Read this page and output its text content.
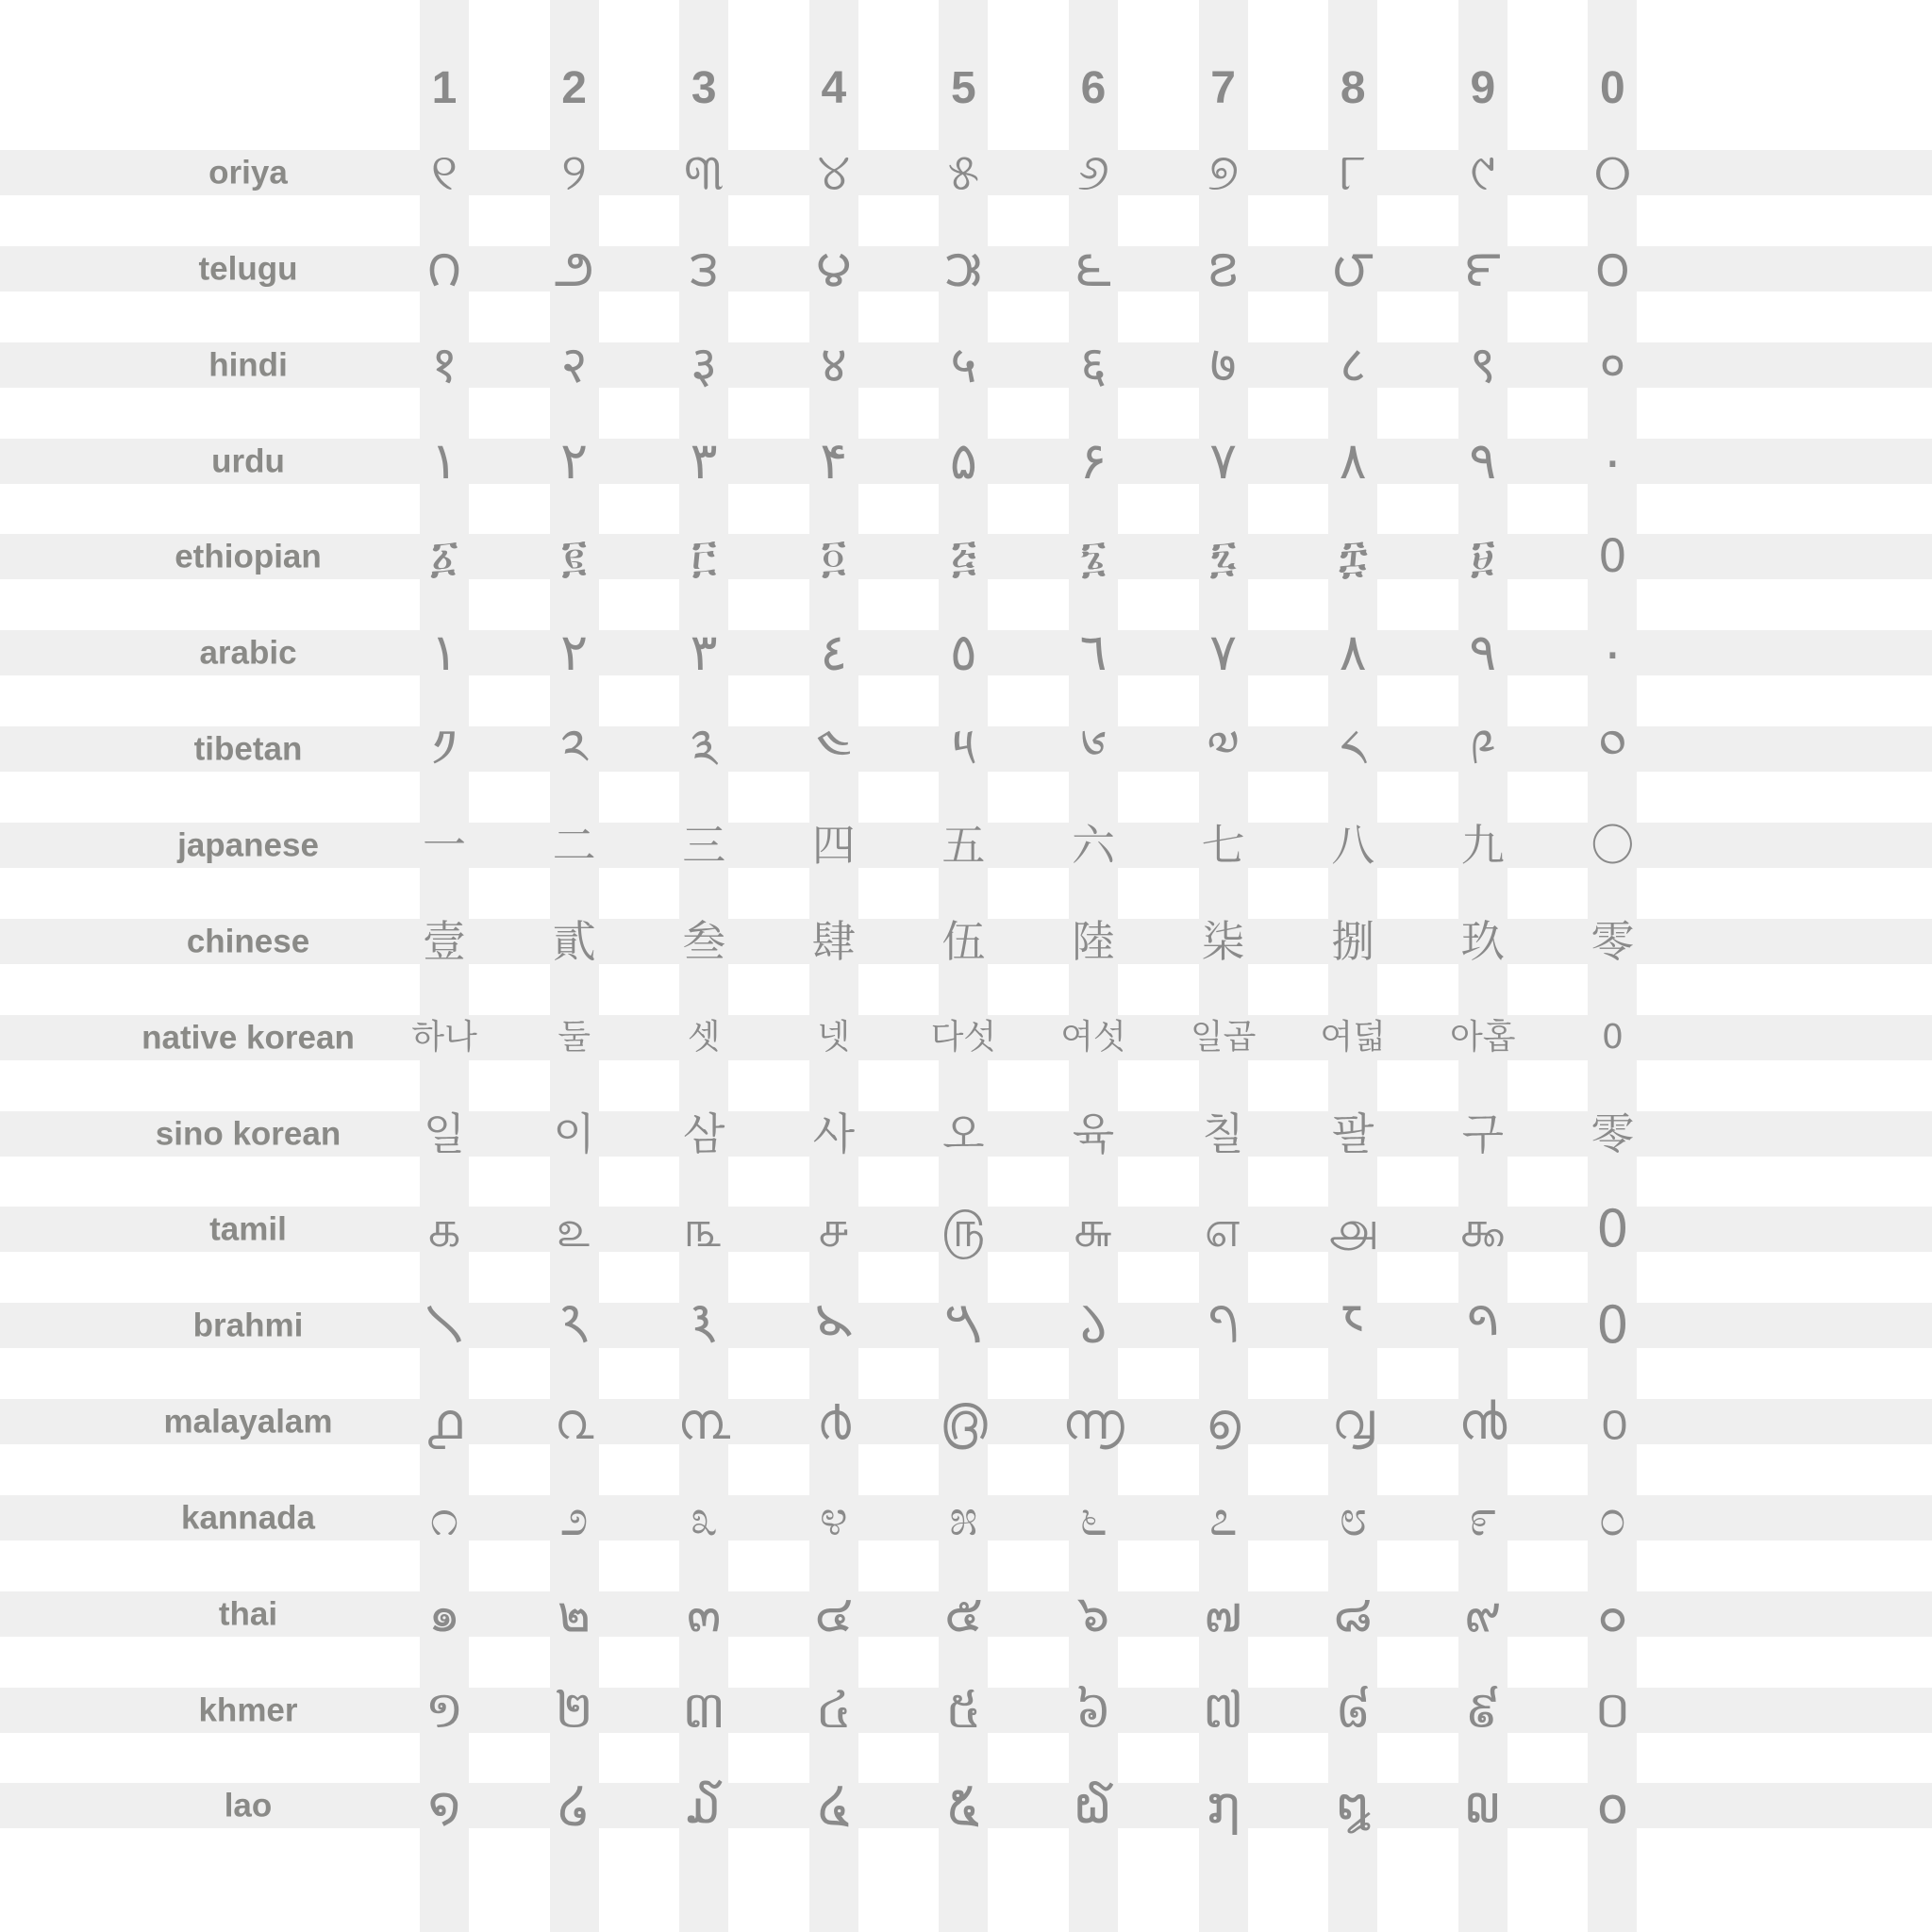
1 2 3 4 5 6 7 8 9 0
oriya	୧ ୨ ୩ ୪ ୫ ୬ ୭ ୮ ୯ ୦
telugu	౧ ౨ ౩ ౪ ౫ ౬ ౭ ౮ ౯ ౦
hindi	१ २ ३ ४ ५ ६ ७ ८ ९ ०
urdu	۱ ۲ ۳ ۴ ۵ ۶ ۷ ۸ ۹ ۰
ethiopian	፩ ፪ ፫ ፬ ፭ ፮ ፯ ፰ ፱ 0
arabic	١ ٢ ٣ ٤ ٥ ٦ ٧ ٨ ٩ ٠
tibetan	༡ ༢ ༣ ༤ ༥ ༦ ༧ ༨ ༩ ༠
japanese	一 二 三 四 五 六 七 八 九 〇
chinese	壹 貳 叁 肆 伍 陸 柒 捌 玖 零
native korean	하나 둘	셋	넷 다섯 여섯 일곱 여덟 아홉	0
sino korean	일 이 삼 사 오 육 칠 팔 구 零
tamil	௧ ௨ ௩ ௪ ௫ ௬ ௭ ௮ ௯ 0
brahmi	𑁧 𑁨 𑁩 𑁪 𑁫 𑁬 𑁭 𑁮 𑁯 0
malayalam	൧ ൨ ൩ ൪ ൫ ൬ ൭ ൮ ൯ ൦
kannada	೧ ೨ ೩ ೪ ೫ ೬ ೭ ೮ ೯ ೦
thai	๑ ๒ ๓ ๔ ๕ ๖ ๗ ๘ ๙ ๐
khmer	១ ២ ៣ ៤ ៥ ៦ ៧ ៨ ៩ ០
lao	໑ ໒ ໓ ໔ ໕ ໖ ໗ ໘ ໙ ໐
